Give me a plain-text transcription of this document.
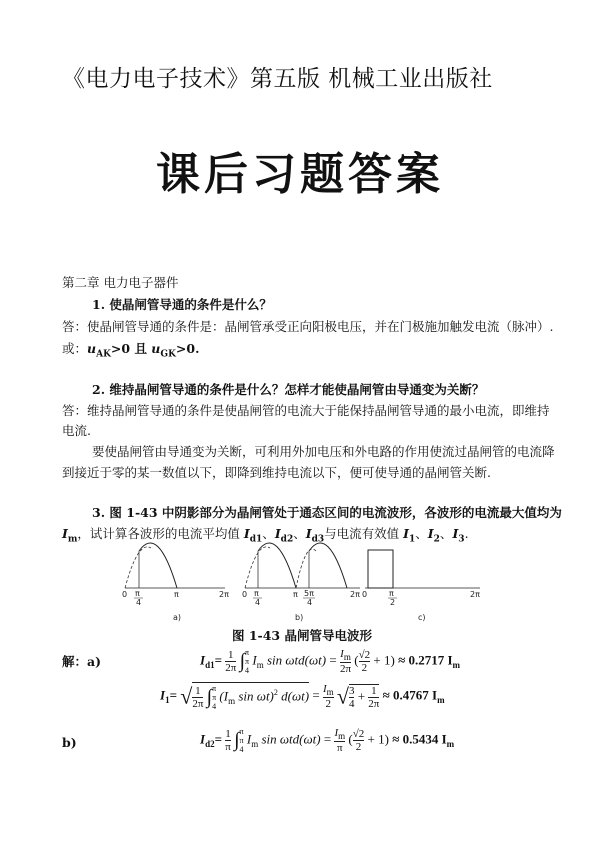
《电力电子技术》第五版 机械工业出版社
课后习题答案
第二章 电力电子器件
1. 使晶闸管导通的条件是什么？
答：使晶闸管导通的条件是：晶闸管承受正向阳极电压，并在门极施加触发电流（脉冲）.
或：$u_{AK}>0$ 且 $u_{GK}>0$.
2. 维持晶闸管导通的条件是什么？怎样才能使晶闸管由导通变为关断？
答：维持晶闸管导通的条件是使晶闸管的电流大于能保持晶闸管导通的最小电流，即维持
电流.
要使晶闸管由导通变为关断，可利用外加电压和外电路的作用使流过晶闸管的电流降
到接近于零的某一数值以下，即降到维持电流以下，便可使导通的晶闸管关断.
3. 图 1-43 中阴影部分为晶闸管处于通态区间的电流波形，各波形的电流最大值均为
$I_m$，试计算各波形的电流平均值 $I_{d1}$、$I_{d2}$、$I_{d3}$与电流有效值 $I_1$、$I_2$、$I_3$.
0 π
4
π	2π
a)
0 π
4
π 5π
4
2π
b)
0	π
2
2π
c)
图 1-43 晶闸管导电波形
解：a)	$I_{d1}= \frac{1}{2\pi}$ ∫ π
π
4
$I_m$ $\sin \omega td(\omega t) = \frac{I_m}{2\pi}$ ( $\frac{√2}{2} + 1) \approx 0.2717$ $I_m$
$I_1=$ √ $\frac{1}{2\pi}$ ∫ π
π
4
($I_m$ sin ωt)$^2$ $d(\omega t) = \frac{I_m}{2}$ √ $\frac{3}{4} + \frac{1}{2\pi} \approx 0.4767$ $I_m$
b)	$I_{d2}= \frac{1}{\pi}$ ∫ π
π
4
$I_m$ $\sin \omega td(\omega t) = \frac{I_m}{\pi}$ ( $\frac{√2}{2} + 1) \approx 0.5434$ $I_m$
